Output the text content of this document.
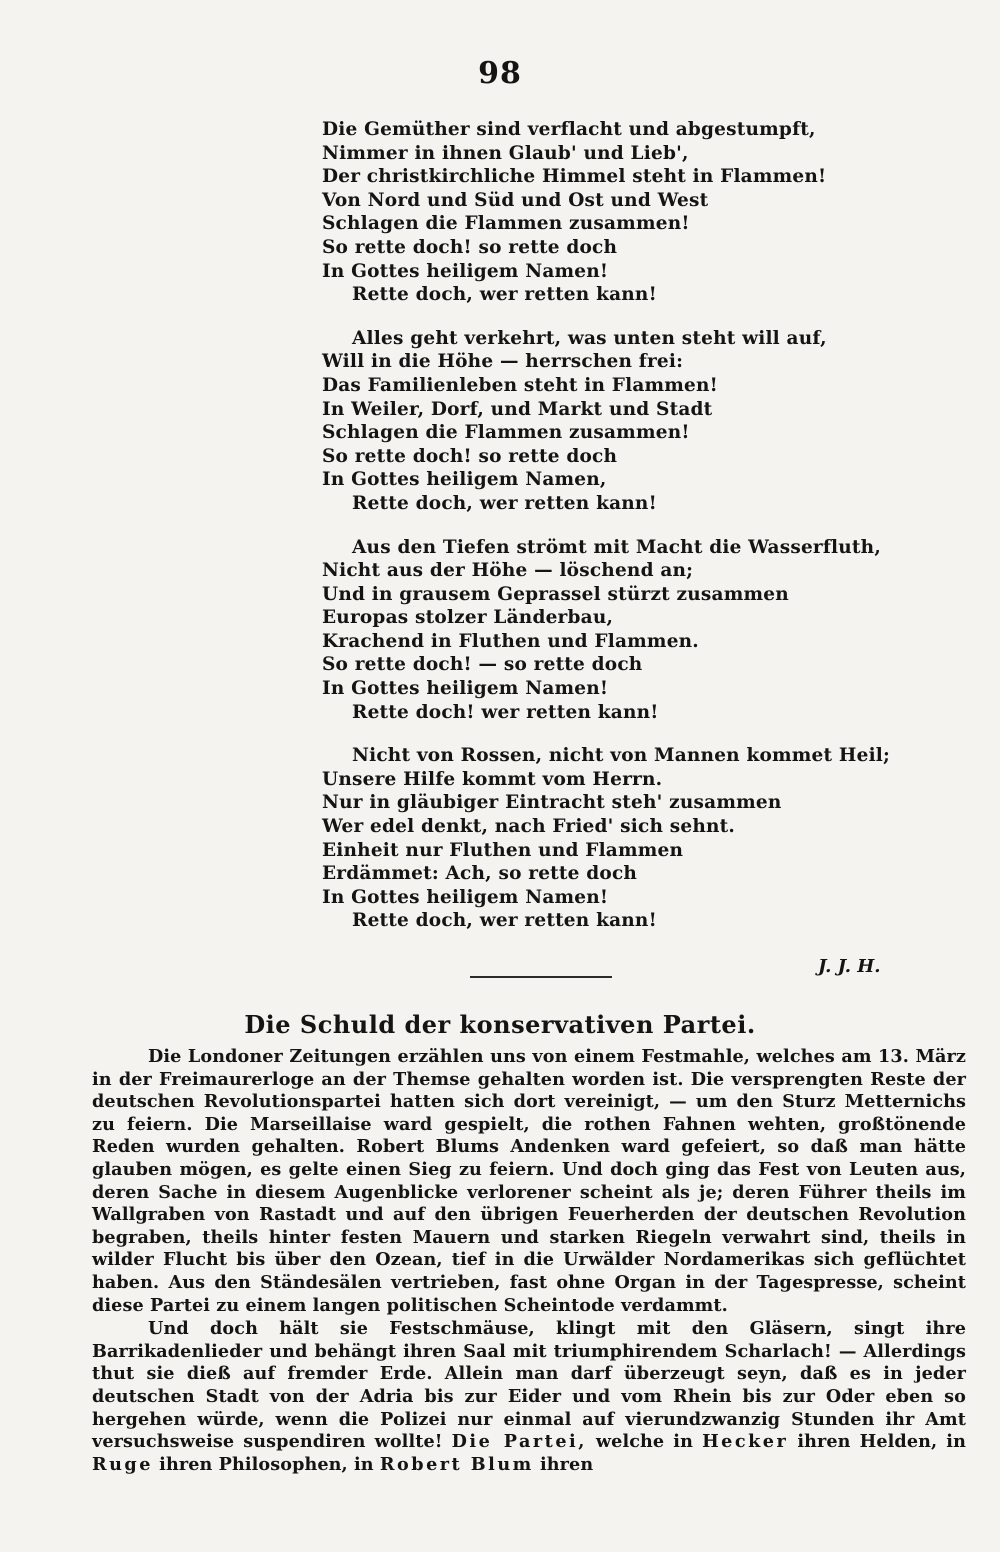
98
Die Gemüther sind verflacht und abgestumpft,
Nimmer in ihnen Glaub' und Lieb',
Der christkirchliche Himmel steht in Flammen!
Von Nord und Süd und Ost und West
Schlagen die Flammen zusammen!
So rette doch! so rette doch
In Gottes heiligem Namen!
Rette doch, wer retten kann!
Alles geht verkehrt, was unten steht will auf,
Will in die Höhe — herrschen frei:
Das Familienleben steht in Flammen!
In Weiler, Dorf, und Markt und Stadt
Schlagen die Flammen zusammen!
So rette doch! so rette doch
In Gottes heiligem Namen,
Rette doch, wer retten kann!
Aus den Tiefen strömt mit Macht die Wasserfluth,
Nicht aus der Höhe — löschend an;
Und in grausem Geprassel stürzt zusammen
Europas stolzer Länderbau,
Krachend in Fluthen und Flammen.
So rette doch! — so rette doch
In Gottes heiligem Namen!
Rette doch! wer retten kann!
Nicht von Rossen, nicht von Mannen kommet Heil;
Unsere Hilfe kommt vom Herrn.
Nur in gläubiger Eintracht steh' zusammen
Wer edel denkt, nach Fried' sich sehnt.
Einheit nur Fluthen und Flammen
Erdämmet: Ach, so rette doch
In Gottes heiligem Namen!
Rette doch, wer retten kann!
J. J. H.
Die Schuld der konservativen Partei.

Die Londoner Zeitungen erzählen uns von einem Festmahle, welches am 13. März in der Freimaurerloge an der Themse gehalten worden ist. Die versprengten Reste der deutschen Revolutionspartei hatten sich dort vereinigt, — um den Sturz Metternichs zu feiern. Die Marseillaise ward gespielt, die rothen Fahnen wehten, großtönende Reden wurden gehalten. Robert Blums Andenken ward gefeiert, so daß man hätte glauben mögen, es gelte einen Sieg zu feiern. Und doch ging das Fest von Leuten aus, deren Sache in diesem Augenblicke verlorener scheint als je; deren Führer theils im Wallgraben von Rastadt und auf den übrigen Feuerherden der deutschen Revolution begraben, theils hinter festen Mauern und starken Riegeln verwahrt sind, theils in wilder Flucht bis über den Ozean, tief in die Urwälder Nordamerikas sich geflüchtet haben. Aus den Ständesälen vertrieben, fast ohne Organ in der Tagespresse, scheint diese Partei zu einem langen politischen Scheintode verdammt.

Und doch hält sie Festschmäuse, klingt mit den Gläsern, singt ihre Barrikadenlieder und behängt ihren Saal mit triumphirendem Scharlach! — Allerdings thut sie dieß auf fremder Erde. Allein man darf überzeugt seyn, daß es in jeder deutschen Stadt von der Adria bis zur Eider und vom Rhein bis zur Oder eben so hergehen würde, wenn die Polizei nur einmal auf vierundzwanzig Stunden ihr Amt versuchsweise suspendiren wollte! Die Partei, welche in Hecker ihren Helden, in Ruge ihren Philosophen, in Robert Blum ihren
